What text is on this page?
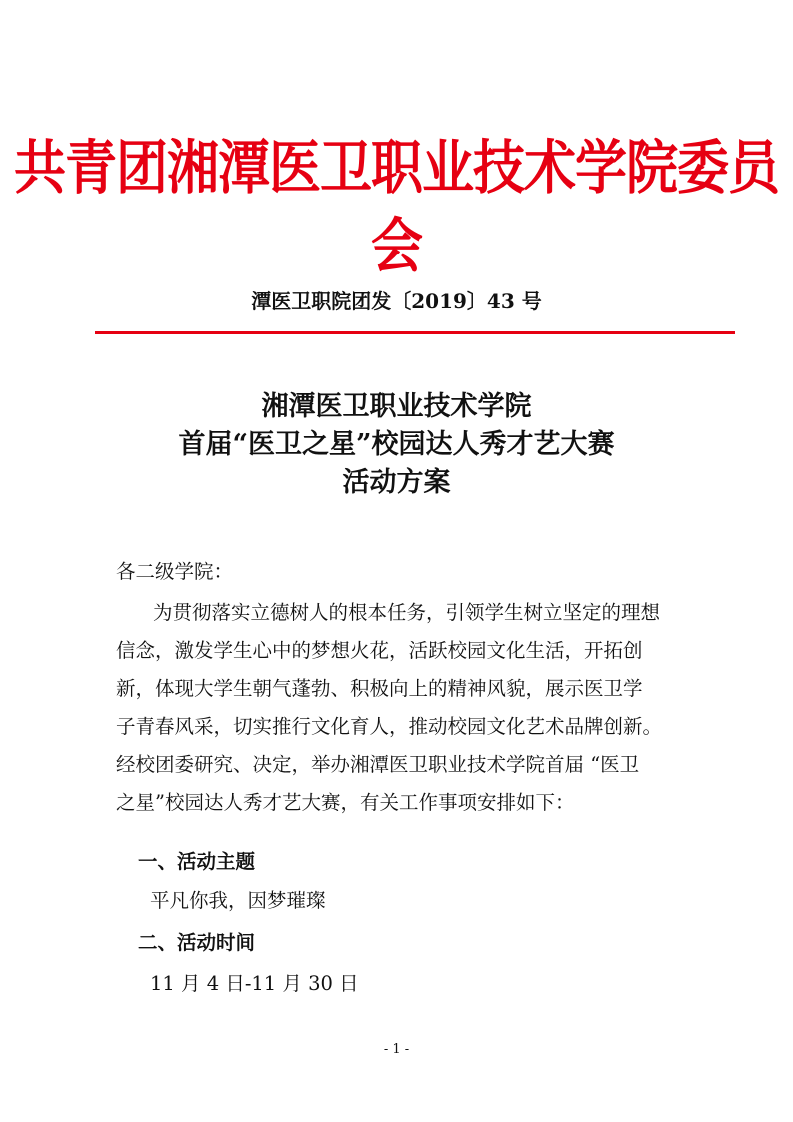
共青团湘潭医卫职业技术学院委员会
潭医卫职院团发〔2019〕43 号
湘潭医卫职业技术学院
首届“医卫之星”校园达人秀才艺大赛
活动方案
各二级学院：
为贯彻落实立德树人的根本任务，引领学生树立坚定的理想
信念，激发学生心中的梦想火花，活跃校园文化生活，开拓创
新，体现大学生朝气蓬勃、积极向上的精神风貌，展示医卫学
子青春风采，切实推行文化育人，推动校园文化艺术品牌创新。
经校团委研究、决定，举办湘潭医卫职业技术学院首届 “医卫
之星”校园达人秀才艺大赛，有关工作事项安排如下：
一、活动主题
平凡你我，因梦璀璨
二、活动时间
11 月 4 日-11 月 30 日
- 1 -
